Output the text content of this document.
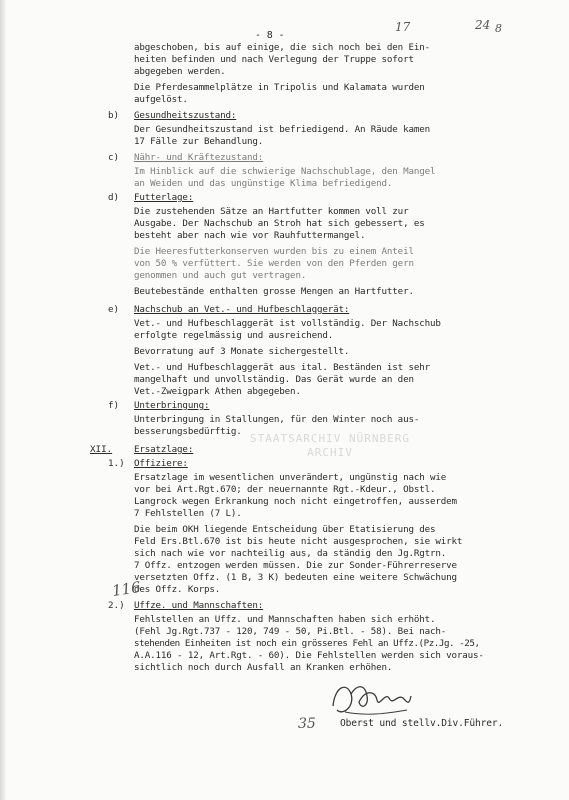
STAATSARCHIV NÜRNBERG
ARCHIV
- 8 -
17	24 8
abgeschoben, bis auf einige, die sich noch bei den Ein-
heiten befinden und nach Verlegung der Truppe sofort
abgegeben werden.
Die Pferdesammelplätze in Tripolis und Kalamata wurden
aufgelöst.
b) Gesundheitszustand:
Der Gesundheitszustand ist befriedigend. An Räude kamen
17 Fälle zur Behandlung.
c) Nähr- und Kräftezustand:
Im Hinblick auf die schwierige Nachschublage, den Mangel
an Weiden und das ungünstige Klima befriedigend.
d) Futterlage:
Die zustehenden Sätze an Hartfutter kommen voll zur
Ausgabe. Der Nachschub an Stroh hat sich gebessert, es
besteht aber nach wie vor Rauhfuttermangel.
Die Heeresfutterkonserven wurden bis zu einem Anteil
von 50 % verfüttert. Sie werden von den Pferden gern
genommen und auch gut vertragen.
Beutebestände enthalten grosse Mengen an Hartfutter.
e) Nachschub an Vet.- und Hufbeschlaggerät:
Vet.- und Hufbeschlaggerät ist vollständig. Der Nachschub
erfolgte regelmässig und ausreichend.
Bevorratung auf 3 Monate sichergestellt.
Vet.- und Hufbeschlaggerät aus ital. Beständen ist sehr
mangelhaft und unvollständig. Das Gerät wurde an den
Vet.-Zweigpark Athen abgegeben.
f) Unterbringung:
Unterbringung in Stallungen, für den Winter noch aus-
besserungsbedürftig.
XII. Ersatzlage:
1.) Offiziere:
Ersatzlage im wesentlichen unverändert, ungünstig nach wie
vor bei Art.Rgt.670; der neuernannte Rgt.-Kdeur., Obstl.
Langrock wegen Erkrankung noch nicht eingetroffen, ausserdem
7 Fehlstellen (7 L).
Die beim OKH liegende Entscheidung über Etatisierung des
Feld Ers.Btl.670 ist bis heute nicht ausgesprochen, sie wirkt
sich nach wie vor nachteilig aus, da ständig den Jg.Rgtrn.
7 Offz. entzogen werden müssen. Die zur Sonder-Führerreserve
versetzten Offz. (1 B, 3 K) bedeuten eine weitere Schwächung
des Offz. Korps.
116
2.) Uffze. und Mannschaften:
Fehlstellen an Uffz. und Mannschaften haben sich erhöht.
(Fehl Jg.Rgt.737 - 120, 749 - 50, Pi.Btl. - 58). Bei nach-
stehenden Einheiten ist noch ein grösseres Fehl an Uffz.(Pz.Jg. -25,
A.A.116 - 12, Art.Rgt. - 60). Die Fehlstellen werden sich voraus-
sichtlich noch durch Ausfall an Kranken erhöhen.
Oberst und stellv.Div.Führer.
35
